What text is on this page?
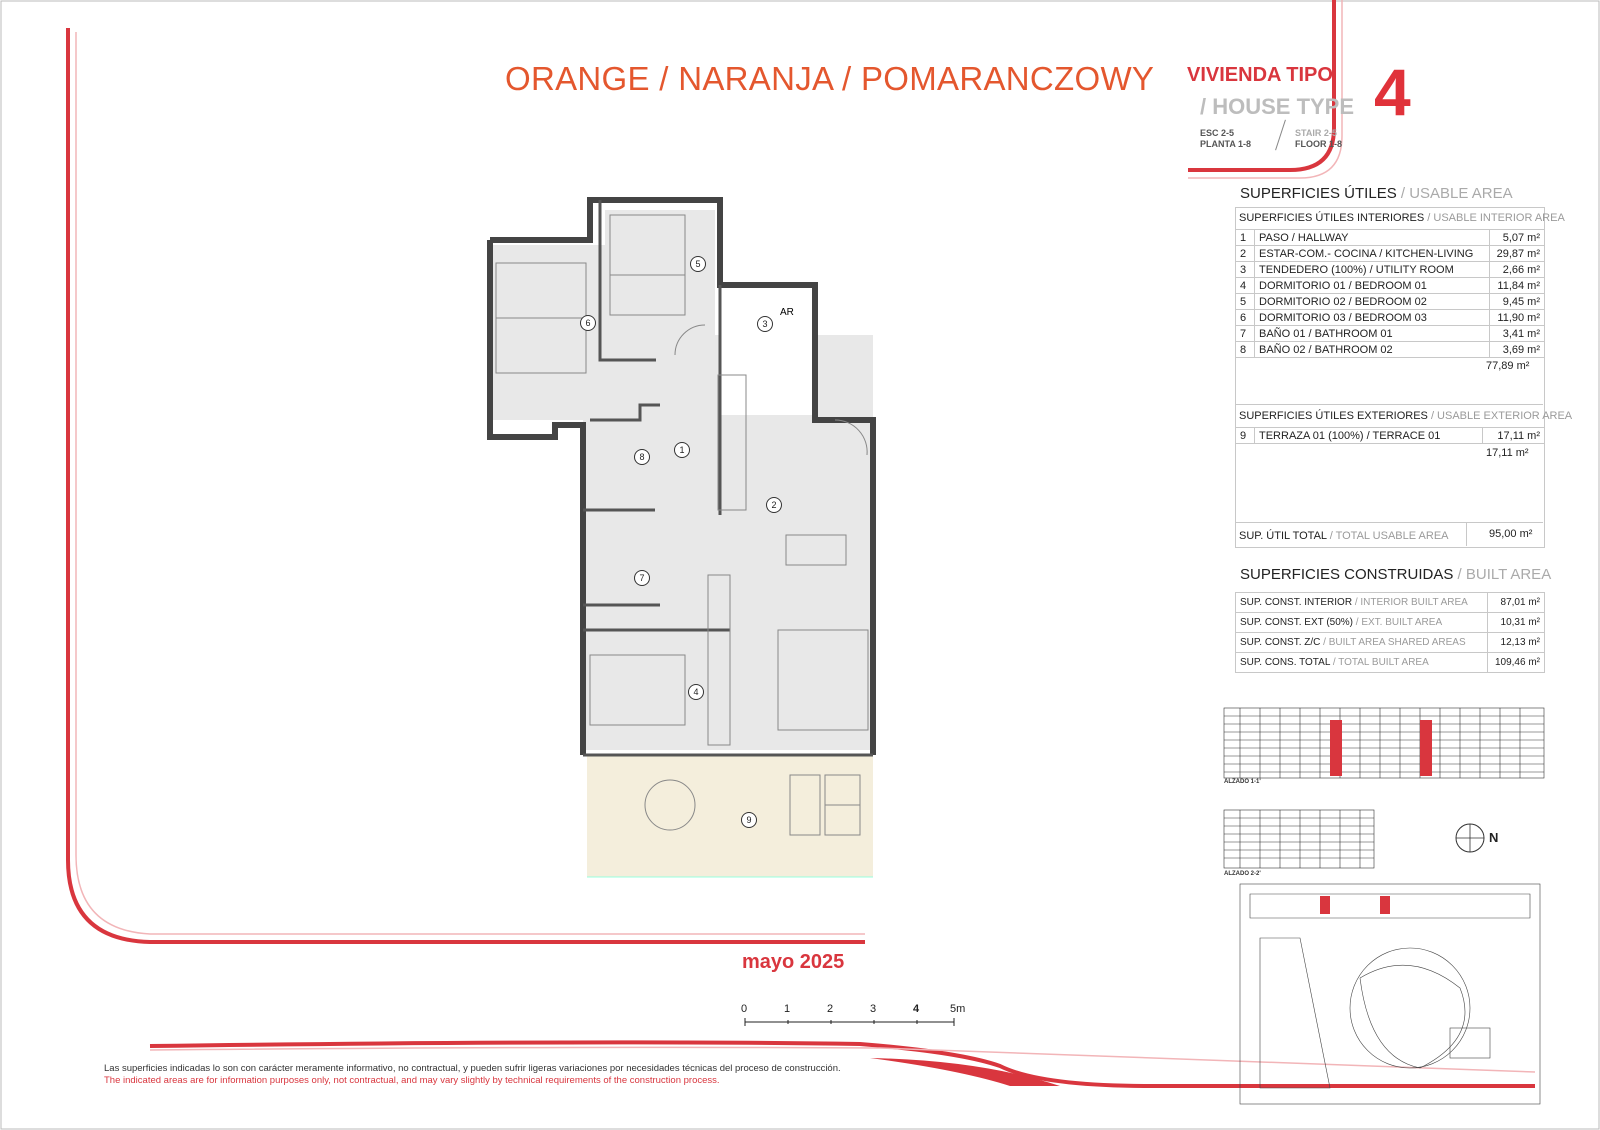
ORANGE / NARANJA / POMARANCZOWY VIVIENDA TIPO
/ HOUSE TYPE 4
ESC 2-5
PLANTA 1-8
STAIR 2-5
FLOOR 1-8
SUPERFICIES ÚTILES / USABLE AREA
SUPERFICIES ÚTILES INTERIORES / USABLE INTERIOR AREA
1	PASO / HALLWAY	5,07 m²
2	ESTAR-COM.- COCINA / KITCHEN-LIVING	29,87 m²
3	TENDEDERO (100%) / UTILITY ROOM	2,66 m²
4	DORMITORIO 01 / BEDROOM 01	11,84 m²
5	DORMITORIO 02 / BEDROOM 02	9,45 m²
6	DORMITORIO 03 / BEDROOM 03	11,90 m²
7	BAÑO 01 / BATHROOM 01	3,41 m²
8	BAÑO 02 / BATHROOM 02	3,69 m²
77,89 m²
SUPERFICIES ÚTILES EXTERIORES / USABLE EXTERIOR AREA
9	TERRAZA 01 (100%) / TERRACE 01	17,11 m²
17,11 m²
SUP. ÚTIL TOTAL / TOTAL USABLE AREA	95,00 m²
SUPERFICIES CONSTRUIDAS / BUILT AREA
SUP. CONST. INTERIOR / INTERIOR BUILT AREA	87,01 m²
SUP. CONST. EXT (50%) / EXT. BUILT AREA	10,31 m²
SUP. CONST. Z/C / BUILT AREA SHARED AREAS	12,13 m²
SUP. CONS. TOTAL / TOTAL BUILT AREA	109,46 m²
ALZADO 1-1'
ALZADO 2-2'
N
AR
1
2
3
4
5
6
7
8
9
mayo 2025
0	1	2	3	4	5m
Las superficies indicadas lo son con carácter meramente informativo, no contractual, y pueden sufrir ligeras variaciones por necesidades técnicas del proceso de construcción.
The indicated areas are for information purposes only, not contractual, and may vary slightly by technical requirements of the construction process.
